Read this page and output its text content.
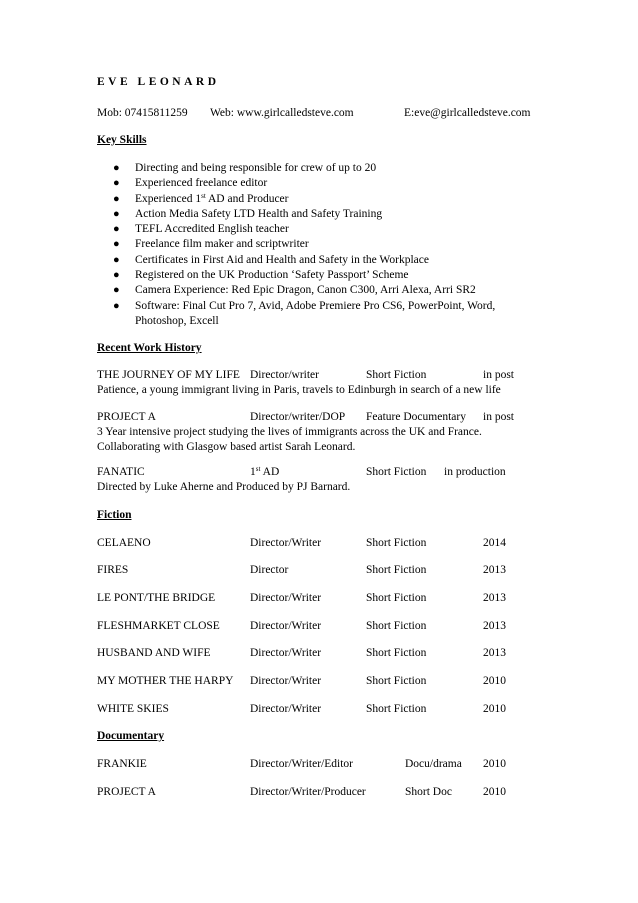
EVE LEONARD
Mob: 07415811259 Web: www.girlcalledsteve.com	E:eve@girlcalledsteve.com
Key Skills
● Directing and being responsible for crew of up to 20
● Experienced freelance editor
● Experienced 1st AD and Producer
● Action Media Safety LTD Health and Safety Training
● TEFL Accredited English teacher
● Freelance film maker and scriptwriter
● Certificates in First Aid and Health and Safety in the Workplace
● Registered on the UK Production ‘Safety Passport’ Scheme
● Camera Experience: Red Epic Dragon, Canon C300, Arri Alexa, Arri SR2
● Software: Final Cut Pro 7, Avid, Adobe Premiere Pro CS6, PowerPoint, Word, Photoshop, Excell
Recent Work History
THE JOURNEY OF MY LIFE Director/writer	Short Fiction	in post
Patience, a young immigrant living in Paris, travels to Edinburgh in search of a new life
PROJECT A	Director/writer/DOP Feature Documentary in post
3 Year intensive project studying the lives of immigrants across the UK and France.
Collaborating with Glasgow based artist Sarah Leonard.
FANATIC	1st AD	Short Fiction in production
Directed by Luke Aherne and Produced by PJ Barnard.
Fiction
CELAENO	Director/Writer	Short Fiction	2014
FIRES	Director	Short Fiction	2013
LE PONT/THE BRIDGE	Director/Writer	Short Fiction	2013
FLESHMARKET CLOSE	Director/Writer	Short Fiction	2013
HUSBAND AND WIFE	Director/Writer	Short Fiction	2013
MY MOTHER THE HARPY Director/Writer	Short Fiction	2010
WHITE SKIES	Director/Writer	Short Fiction	2010
Documentary
FRANKIE	Director/Writer/Editor	Docu/drama 2010
PROJECT A	Director/Writer/Producer	Short Doc	2010
